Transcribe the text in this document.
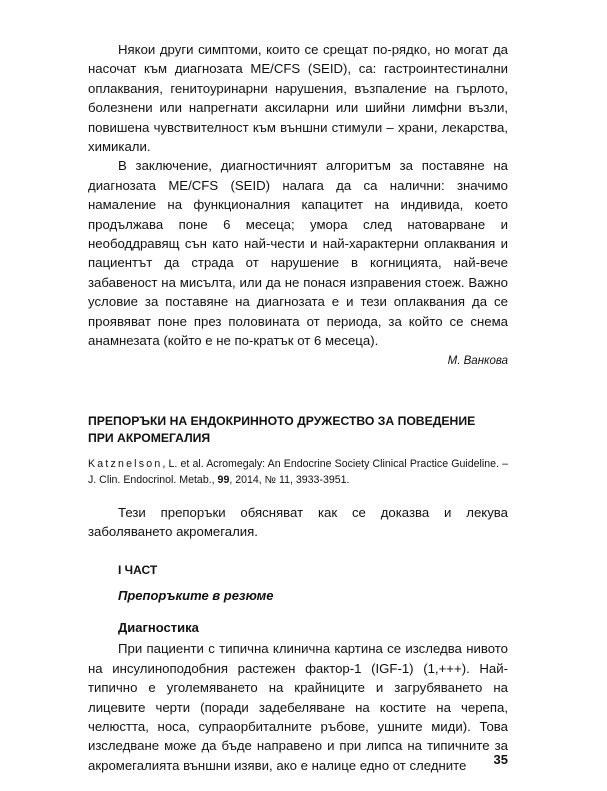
Някои други симптоми, които се срещат по-рядко, но могат да насочат към диагнозата ME/CFS (SEID), са: гастроинтестинални оплаквания, генитоуринарни нарушения, възпаление на гърлото, болезнени или напрегнати аксиларни или шийни лимфни възли, повишена чувствителност към външни стимули – храни, лекарства, химикали.

В заключение, диагностичният алгоритъм за поставяне на диагнозата ME/CFS (SEID) налага да са налични: значимо намаление на функционалния капацитет на индивида, което продължава поне 6 месеца; умора след натоварване и неободдравящ сън като най-чести и най-характерни оплаквания и пациентът да страда от нарушение в когницията, най-вече забавеност на мисълта, или да не понася изправения стоеж. Важно условие за поставяне на диагнозата е и тези оплаквания да се проявяват поне през половината от периода, за който се снема анамнезата (който е не по-кратък от 6 месеца).

М. Ванкова

ПРЕПОРЪКИ НА ЕНДОКРИННОТО ДРУЖЕСТВО ЗА ПОВЕДЕНИЕ
ПРИ АКРОМЕГАЛИЯ

Katznelson, L. et al. Acromegaly: An Endocrine Society Clinical Practice Guideline. – J. Clin. Endocrinol. Metab., 99, 2014, № 11, 3933-3951.

Тези препоръки обясняват как се доказва и лекува заболяването акромегалия.

I ЧАСТ
Препоръките в резюме
Диагностика

При пациенти с типична клинична картина се изследва нивото на инсулиноподобния растежен фактор-1 (IGF-1) (1,+++). Най-типично е уголемяването на крайниците и загрубяването на лицевите черти (поради задебеляване на костите на черепа, челюстта, носа, супраорбиталните ръбове, ушните миди). Това изследване може да бъде направено и при липса на типичните за акромегалията външни изяви, ако е налице едно от следните	35
